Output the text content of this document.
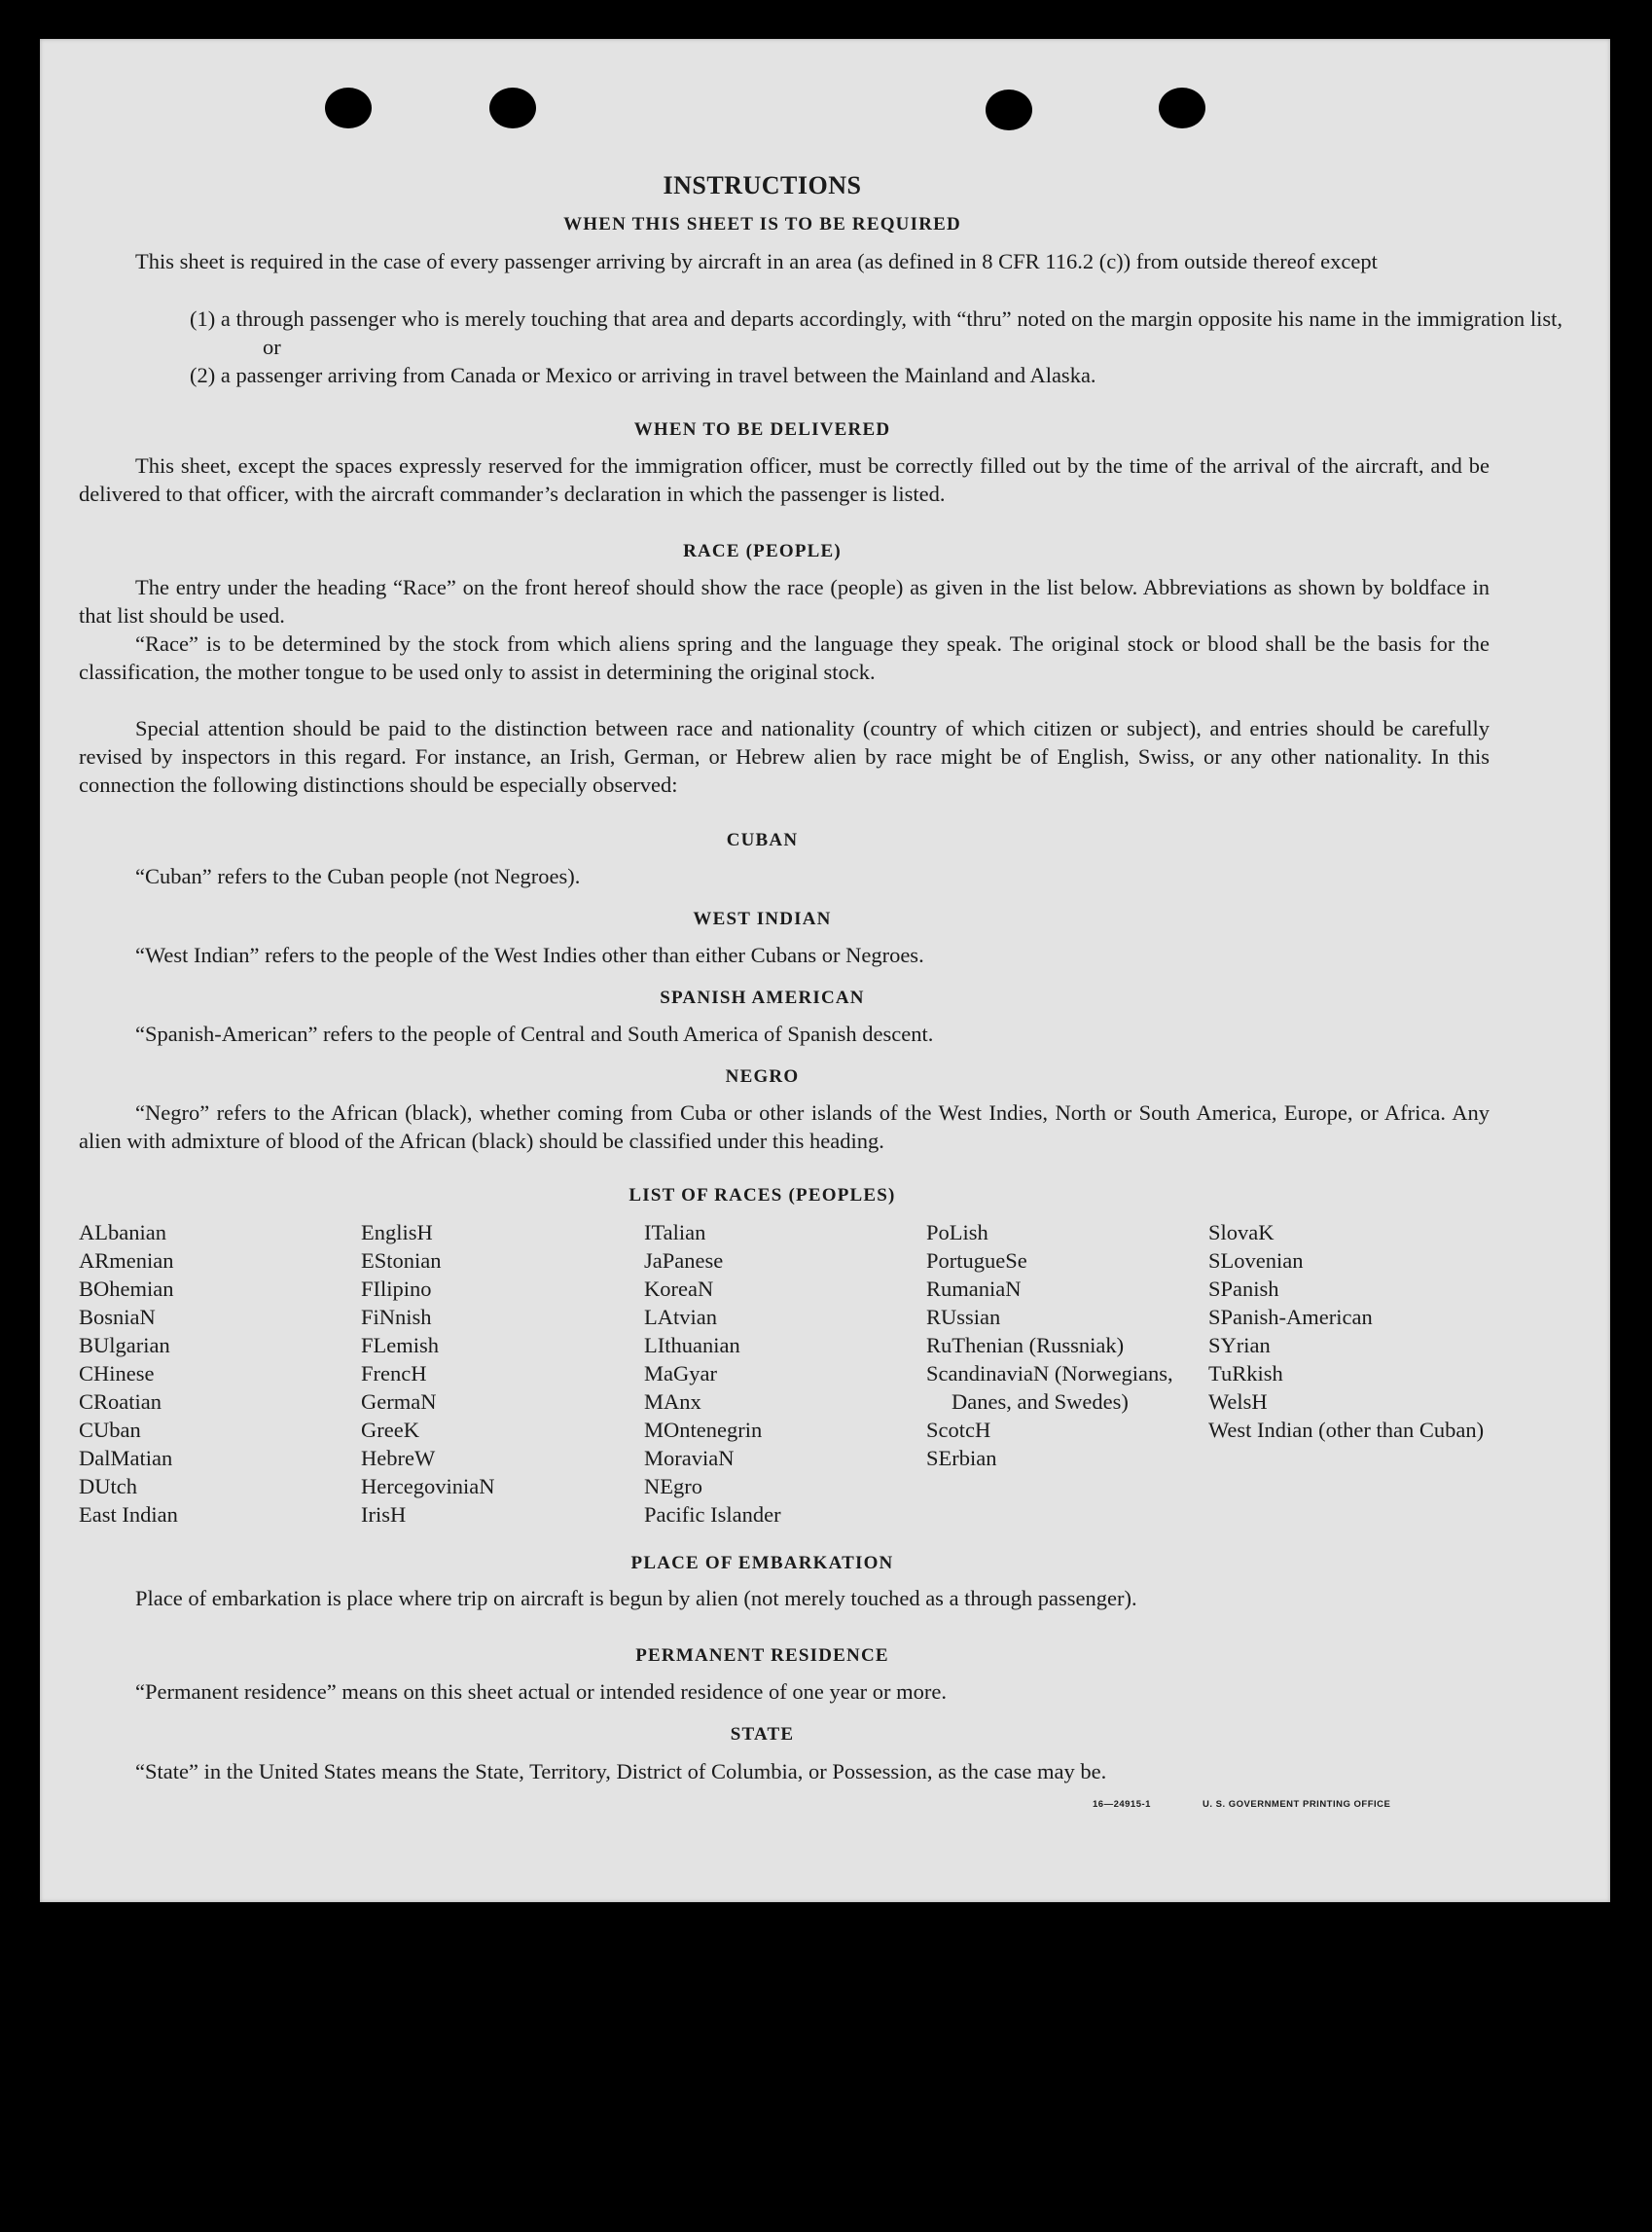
INSTRUCTIONS
WHEN THIS SHEET IS TO BE REQUIRED
This sheet is required in the case of every passenger arriving by aircraft in an area (as defined in 8 CFR 116.2 (c)) from outside thereof except
(1) a through passenger who is merely touching that area and departs accordingly, with “thru” noted on the margin opposite his name in the immigration list, or
(2) a passenger arriving from Canada or Mexico or arriving in travel between the Mainland and Alaska.
WHEN TO BE DELIVERED
This sheet, except the spaces expressly reserved for the immigration officer, must be correctly filled out by the time of the arrival of the aircraft, and be delivered to that officer, with the aircraft commander’s declaration in which the passenger is listed.
RACE (PEOPLE)
The entry under the heading “Race” on the front hereof should show the race (people) as given in the list below. Abbreviations as shown by boldface in that list should be used.
“Race” is to be determined by the stock from which aliens spring and the language they speak. The original stock or blood shall be the basis for the classification, the mother tongue to be used only to assist in determining the original stock.
Special attention should be paid to the distinction between race and nationality (country of which citizen or subject), and entries should be carefully revised by inspectors in this regard. For instance, an Irish, German, or Hebrew alien by race might be of English, Swiss, or any other nationality. In this connection the following distinctions should be especially observed:
CUBAN
“Cuban” refers to the Cuban people (not Negroes).
WEST INDIAN
“West Indian” refers to the people of the West Indies other than either Cubans or Negroes.
SPANISH AMERICAN
“Spanish-American” refers to the people of Central and South America of Spanish descent.
NEGRO
“Negro” refers to the African (black), whether coming from Cuba or other islands of the West Indies, North or South America, Europe, or Africa. Any alien with admixture of blood of the African (black) should be classified under this heading.
LIST OF RACES (PEOPLES)
ALbanian
ARmenian
BOhemian
BosniaN
BUlgarian
CHinese
CRoatian
CUban
DalMatian
DUtch
East Indian
EnglisH
EStonian
FIlipino
FiNnish
FLemish
FrencH
GermaN
GreeK
HebreW
HercegoviniaN
IrisH
ITalian
JaPanese
KoreaN
LAtvian
LIthuanian
MaGyar
MAnx
MOntenegrin
MoraviaN
NEgro
Pacific Islander
PoLish
PortugueSe
RumaniaN
RUssian
RuThenian (Russniak)
ScandinaviaN (Norwegians, Danes, and Swedes)
ScotcH
SErbian
SlovaK
SLovenian
SPanish
SPanish-American
SYrian
TuRkish
WelsH
West Indian (other than Cuban)
PLACE OF EMBARKATION
Place of embarkation is place where trip on aircraft is begun by alien (not merely touched as a through passenger).
PERMANENT RESIDENCE
“Permanent residence” means on this sheet actual or intended residence of one year or more.
STATE
“State” in the United States means the State, Territory, District of Columbia, or Possession, as the case may be.
16—24915-1	U. S. GOVERNMENT PRINTING OFFICE
